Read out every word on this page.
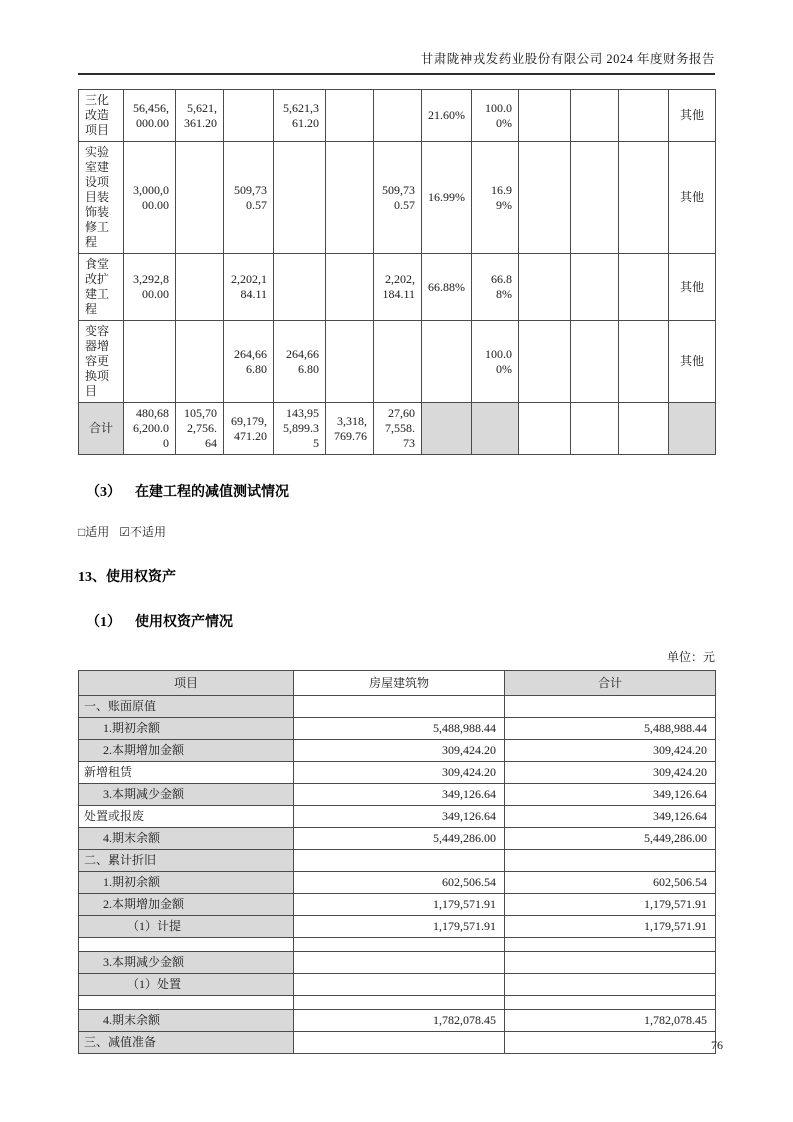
甘肃陇神戎发药业股份有限公司 2024 年度财务报告
三化改造项目	56,456,000.00	5,621,361.20		5,621,361.20			21.60%	100.00%				其他
实验室建设项目装饰装修工程	3,000,000.00		509,730.57			509,730.57	16.99%	16.99%				其他
食堂改扩建工程	3,292,800.00		2,202,184.11			2,202,184.11	66.88%	66.88%				其他
变容器增容更换项目			264,666.80	264,666.80				100.00%				其他
合计	480,686,200.00	105,702,756.64	69,179,471.20	143,955,899.35	3,318,769.76	27,607,558.73						
（3） 在建工程的减值测试情况
□适用 ☑不适用
13、使用权资产
（1） 使用权资产情况
单位：元
项目	房屋建筑物	合计
一、账面原值		
1.期初余额	5,488,988.44	5,488,988.44
2.本期增加金额	309,424.20	309,424.20
新增租赁	309,424.20	309,424.20
3.本期减少金额	349,126.64	349,126.64
处置或报废	349,126.64	349,126.64
4.期末余额	5,449,286.00	5,449,286.00
二、累计折旧		
1.期初余额	602,506.54	602,506.54
2.本期增加金额	1,179,571.91	1,179,571.91
（1）计提	1,179,571.91	1,179,571.91

3.本期减少金额		
（1）处置		

4.期末余额	1,782,078.45	1,782,078.45
三、减值准备			76
